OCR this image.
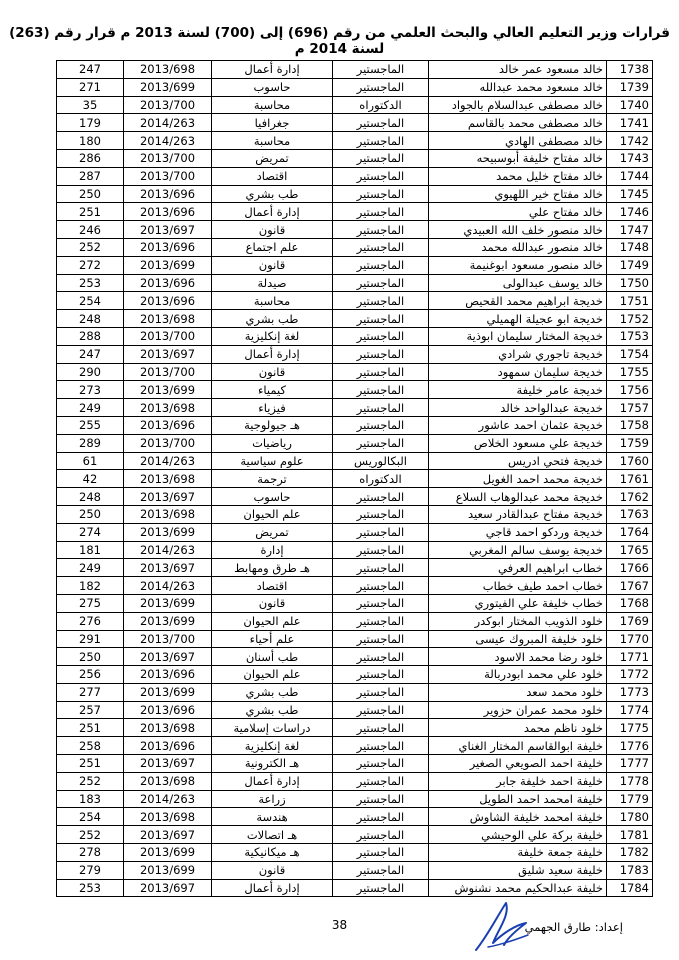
قرارات وزير التعليم العالي والبحث العلمي من رقم (696) إلى (700) لسنة 2013 م قرار رقم (263) لسنة 2014 م
1738	خالد مسعود عمر خالد	الماجستير	إدارة أعمال	2013/698	247
1739	خالد مسعود محمد عبدالله	الماجستير	حاسوب	2013/699	271
1740	خالد مصطفى عبدالسلام بالجواد	الدكتوراه	محاسبة	2013/700	35
1741	خالد مصطفى محمد بالقاسم	الماجستير	جغرافيا	2014/263	179
1742	خالد مصطفى الهادي	الماجستير	محاسبة	2014/263	180
1743	خالد مفتاح خليفة أبوسبيحه	الماجستير	تمريض	2013/700	286
1744	خالد مفتاح خليل محمد	الماجستير	اقتصاد	2013/700	287
1745	خالد مفتاح خير اللهيوي	الماجستير	طب بشري	2013/696	250
1746	خالد مفتاح علي	الماجستير	إدارة أعمال	2013/696	251
1747	خالد منصور خلف الله العبيدي	الماجستير	قانون	2013/697	246
1748	خالد منصور عبدالله محمد	الماجستير	علم اجتماع	2013/696	252
1749	خالد منصور مسعود ابوغنيمة	الماجستير	قانون	2013/699	272
1750	خالد يوسف عبدالولى	الماجستير	صيدلة	2013/696	253
1751	خديجة ابراهيم محمد القحيص	الماجستير	محاسبة	2013/696	254
1752	خديجة ابو عجيلة الهميلي	الماجستير	طب بشري	2013/698	248
1753	خديجة المختار سليمان ابوذية	الماجستير	لغة إنكليزية	2013/700	288
1754	خديجة تاجوري شرادي	الماجستير	إدارة أعمال	2013/697	247
1755	خديجة سليمان سمهود	الماجستير	قانون	2013/700	290
1756	خديجة عامر خليفة	الماجستير	كيمياء	2013/699	273
1757	خديجة عبدالواحد خالد	الماجستير	فيزياء	2013/698	249
1758	خديجة عثمان احمد عاشور	الماجستير	هـ جيولوجية	2013/696	255
1759	خديجة علي مسعود الخلاص	الماجستير	رياضيات	2013/700	289
1760	خديجة فتحي ادريس	البكالوريس	علوم سياسية	2014/263	61
1761	خديجة محمد احمد الغويل	الدكتوراه	ترجمة	2013/698	42
1762	خديجة محمد عبدالوهاب السلاع	الماجستير	حاسوب	2013/697	248
1763	خديجة مفتاح عبدالقادر سعيد	الماجستير	علم الحيوان	2013/698	250
1764	خديجة وردكو احمد قاجي	الماجستير	تمريض	2013/699	274
1765	خديجة يوسف سالم المغربي	الماجستير	إدارة	2014/263	181
1766	خطاب ابراهيم العرفي	الماجستير	هـ طرق ومهابط	2013/697	249
1767	خطاب احمد طيف خطاب	الماجستير	اقتصاد	2014/263	182
1768	خطاب خليفة علي الفيتوري	الماجستير	قانون	2013/699	275
1769	خلود الذويب المختار ابوكدر	الماجستير	علم الحيوان	2013/699	276
1770	خلود خليفة المبروك عيسى	الماجستير	علم أحياء	2013/700	291
1771	خلود رضا محمد الاسود	الماجستير	طب أسنان	2013/697	250
1772	خلود علي محمد ابودربالة	الماجستير	علم الحيوان	2013/696	256
1773	خلود محمد سعد	الماجستير	طب بشري	2013/699	277
1774	خلود محمد عمران حزوير	الماجستير	طب بشري	2013/696	257
1775	خلود ناظم محمد	الماجستير	دراسات إسلامية	2013/698	251
1776	خليفة ابوالقاسم المختار الغناي	الماجستير	لغة إنكليزية	2013/696	258
1777	خليفة احمد الصويعي الصغير	الماجستير	هـ الكترونية	2013/697	251
1778	خليفة احمد خليفة جابر	الماجستير	إدارة أعمال	2013/698	252
1779	خليفة امحمد احمد الطويل	الماجستير	زراعة	2014/263	183
1780	خليفة امحمد خليفة الشاوش	الماجستير	هندسة	2013/698	254
1781	خليفة بركة علي الوحيشي	الماجستير	هـ اتصالات	2013/697	252
1782	خليفة جمعة خليفة	الماجستير	هـ ميكانيكية	2013/699	278
1783	خليفة سعيد شليق	الماجستير	قانون	2013/699	279
1784	خليفة عبدالحكيم محمد نشنوش	الماجستير	إدارة أعمال	2013/697	253
إعداد: طارق الجهمي
38
